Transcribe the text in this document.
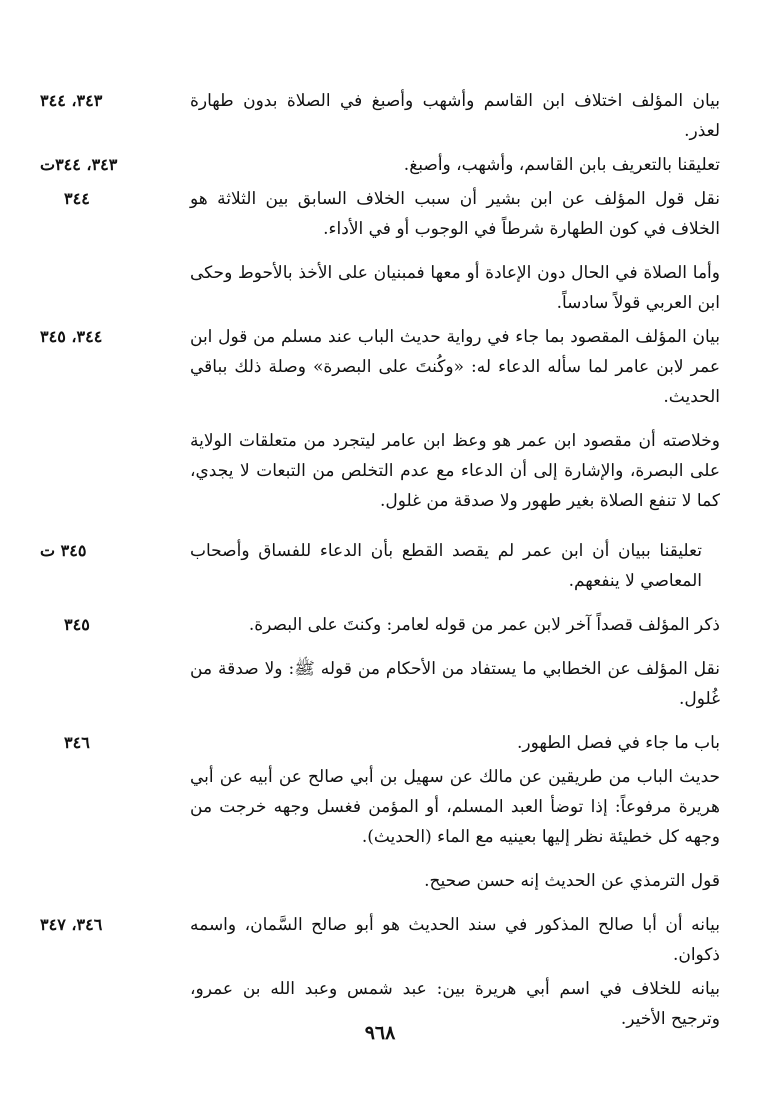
٣٤٣، ٣٤٤	بيان المؤلف اختلاف ابن القاسم وأشهب وأصبغ في الصلاة بدون طهارة لعذر.
٣٤٣، ٣٤٤ت	تعليقنا بالتعريف بابن القاسم، وأشهب، وأصبغ.
٣٤٤	نقل قول المؤلف عن ابن بشير أن سبب الخلاف السابق بين الثلاثة هو الخلاف في كون الطهارة شرطاً في الوجوب أو في الأداء.
وأما الصلاة في الحال دون الإعادة أو معها فمبنيان على الأخذ بالأحوط وحكى ابن العربي قولاً سادساً.
٣٤٤، ٣٤٥	بيان المؤلف المقصود بما جاء في رواية حديث الباب عند مسلم من قول ابن عمر لابن عامر لما سأله الدعاء له: «وكُنتَ على البصرة» وصلة ذلك بباقي الحديث.
وخلاصته أن مقصود ابن عمر هو وعظ ابن عامر ليتجرد من متعلقات الولاية على البصرة، والإشارة إلى أن الدعاء مع عدم التخلص من التبعات لا يجدي، كما لا تنفع الصلاة بغير طهور ولا صدقة من غلول.
٣٤٥ ت	تعليقنا ببيان أن ابن عمر لم يقصد القطع بأن الدعاء للفساق وأصحاب المعاصي لا ينفعهم.
٣٤٥	ذكر المؤلف قصداً آخر لابن عمر من قوله لعامر: وكنتَ على البصرة.
نقل المؤلف عن الخطابي ما يستفاد من الأحكام من قوله ﷺ: ولا صدقة من غُلول.
٣٤٦	باب ما جاء في فصل الطهور.
حديث الباب من طريقين عن مالك عن سهيل بن أبي صالح عن أبيه عن أبي هريرة مرفوعاً: إذا توضأ العبد المسلم، أو المؤمن فغسل وجهه خرجت من وجهه كل خطيئة نظر إليها بعينيه مع الماء (الحديث).
قول الترمذي عن الحديث إنه حسن صحيح.
٣٤٦، ٣٤٧	بيانه أن أبا صالح المذكور في سند الحديث هو أبو صالح السَّمان، واسمه ذكوان.
بيانه للخلاف في اسم أبي هريرة بين: عبد شمس وعبد الله بن عمرو، وترجيح الأخير.
٩٦٨
